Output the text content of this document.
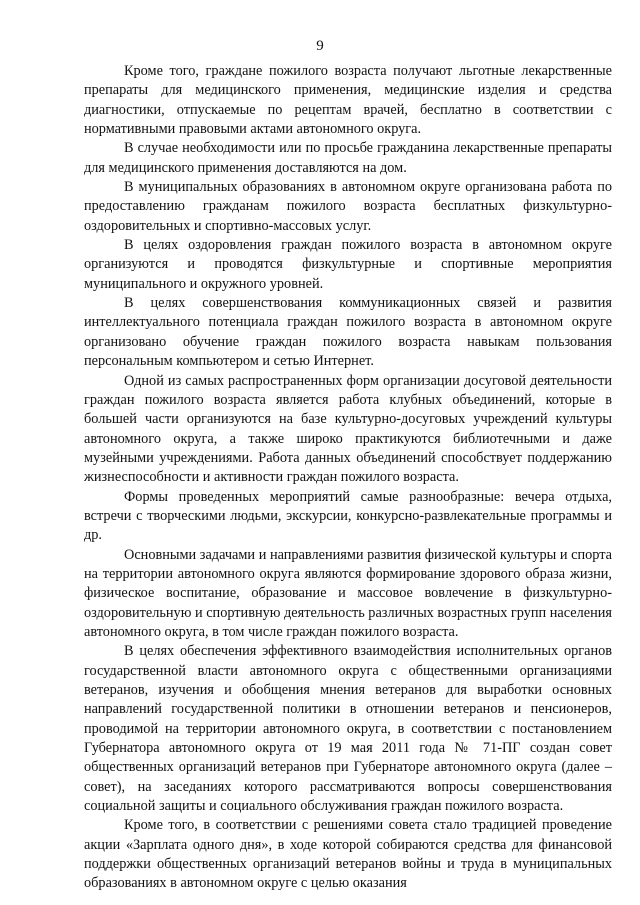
9

Кроме того, граждане пожилого возраста получают льготные лекарственные препараты для медицинского применения, медицинские изделия и средства диагностики, отпускаемые по рецептам врачей, бесплатно в соответствии с нормативными правовыми актами автономного округа.

В случае необходимости или по просьбе гражданина лекарственные препараты для медицинского применения доставляются на дом.

В муниципальных образованиях в автономном округе организована работа по предоставлению гражданам пожилого возраста бесплатных физкультурно-оздоровительных и спортивно-массовых услуг.

В целях оздоровления граждан пожилого возраста в автономном округе организуются и проводятся физкультурные и спортивные мероприятия муниципального и окружного уровней.

В целях совершенствования коммуникационных связей и развития интеллектуального потенциала граждан пожилого возраста в автономном округе организовано обучение граждан пожилого возраста навыкам пользования персональным компьютером и сетью Интернет.

Одной из самых распространенных форм организации досуговой деятельности граждан пожилого возраста является работа клубных объединений, которые в большей части организуются на базе культурно-досуговых учреждений культуры автономного округа, а также широко практикуются библиотечными и даже музейными учреждениями. Работа данных объединений способствует поддержанию жизнеспособности и активности граждан пожилого возраста.

Формы проведенных мероприятий самые разнообразные: вечера отдыха, встречи с творческими людьми, экскурсии, конкурсно-развлекательные программы и др.

Основными задачами и направлениями развития физической культуры и спорта на территории автономного округа являются формирование здорового образа жизни, физическое воспитание, образование и массовое вовлечение в физкультурно-оздоровительную и спортивную деятельность различных возрастных групп населения автономного округа, в том числе граждан пожилого возраста.

В целях обеспечения эффективного взаимодействия исполнительных органов государственной власти автономного округа с общественными организациями ветеранов, изучения и обобщения мнения ветеранов для выработки основных направлений государственной политики в отношении ветеранов и пенсионеров, проводимой на территории автономного округа, в соответствии с постановлением Губернатора автономного округа от 19 мая 2011 года № 71-ПГ создан совет общественных организаций ветеранов при Губернаторе автономного округа (далее – совет), на заседаниях которого рассматриваются вопросы совершенствования социальной защиты и социального обслуживания граждан пожилого возраста.

Кроме того, в соответствии с решениями совета стало традицией проведение акции «Зарплата одного дня», в ходе которой собираются средства для финансовой поддержки общественных организаций ветеранов войны и труда в муниципальных образованиях в автономном округе с целью оказания
